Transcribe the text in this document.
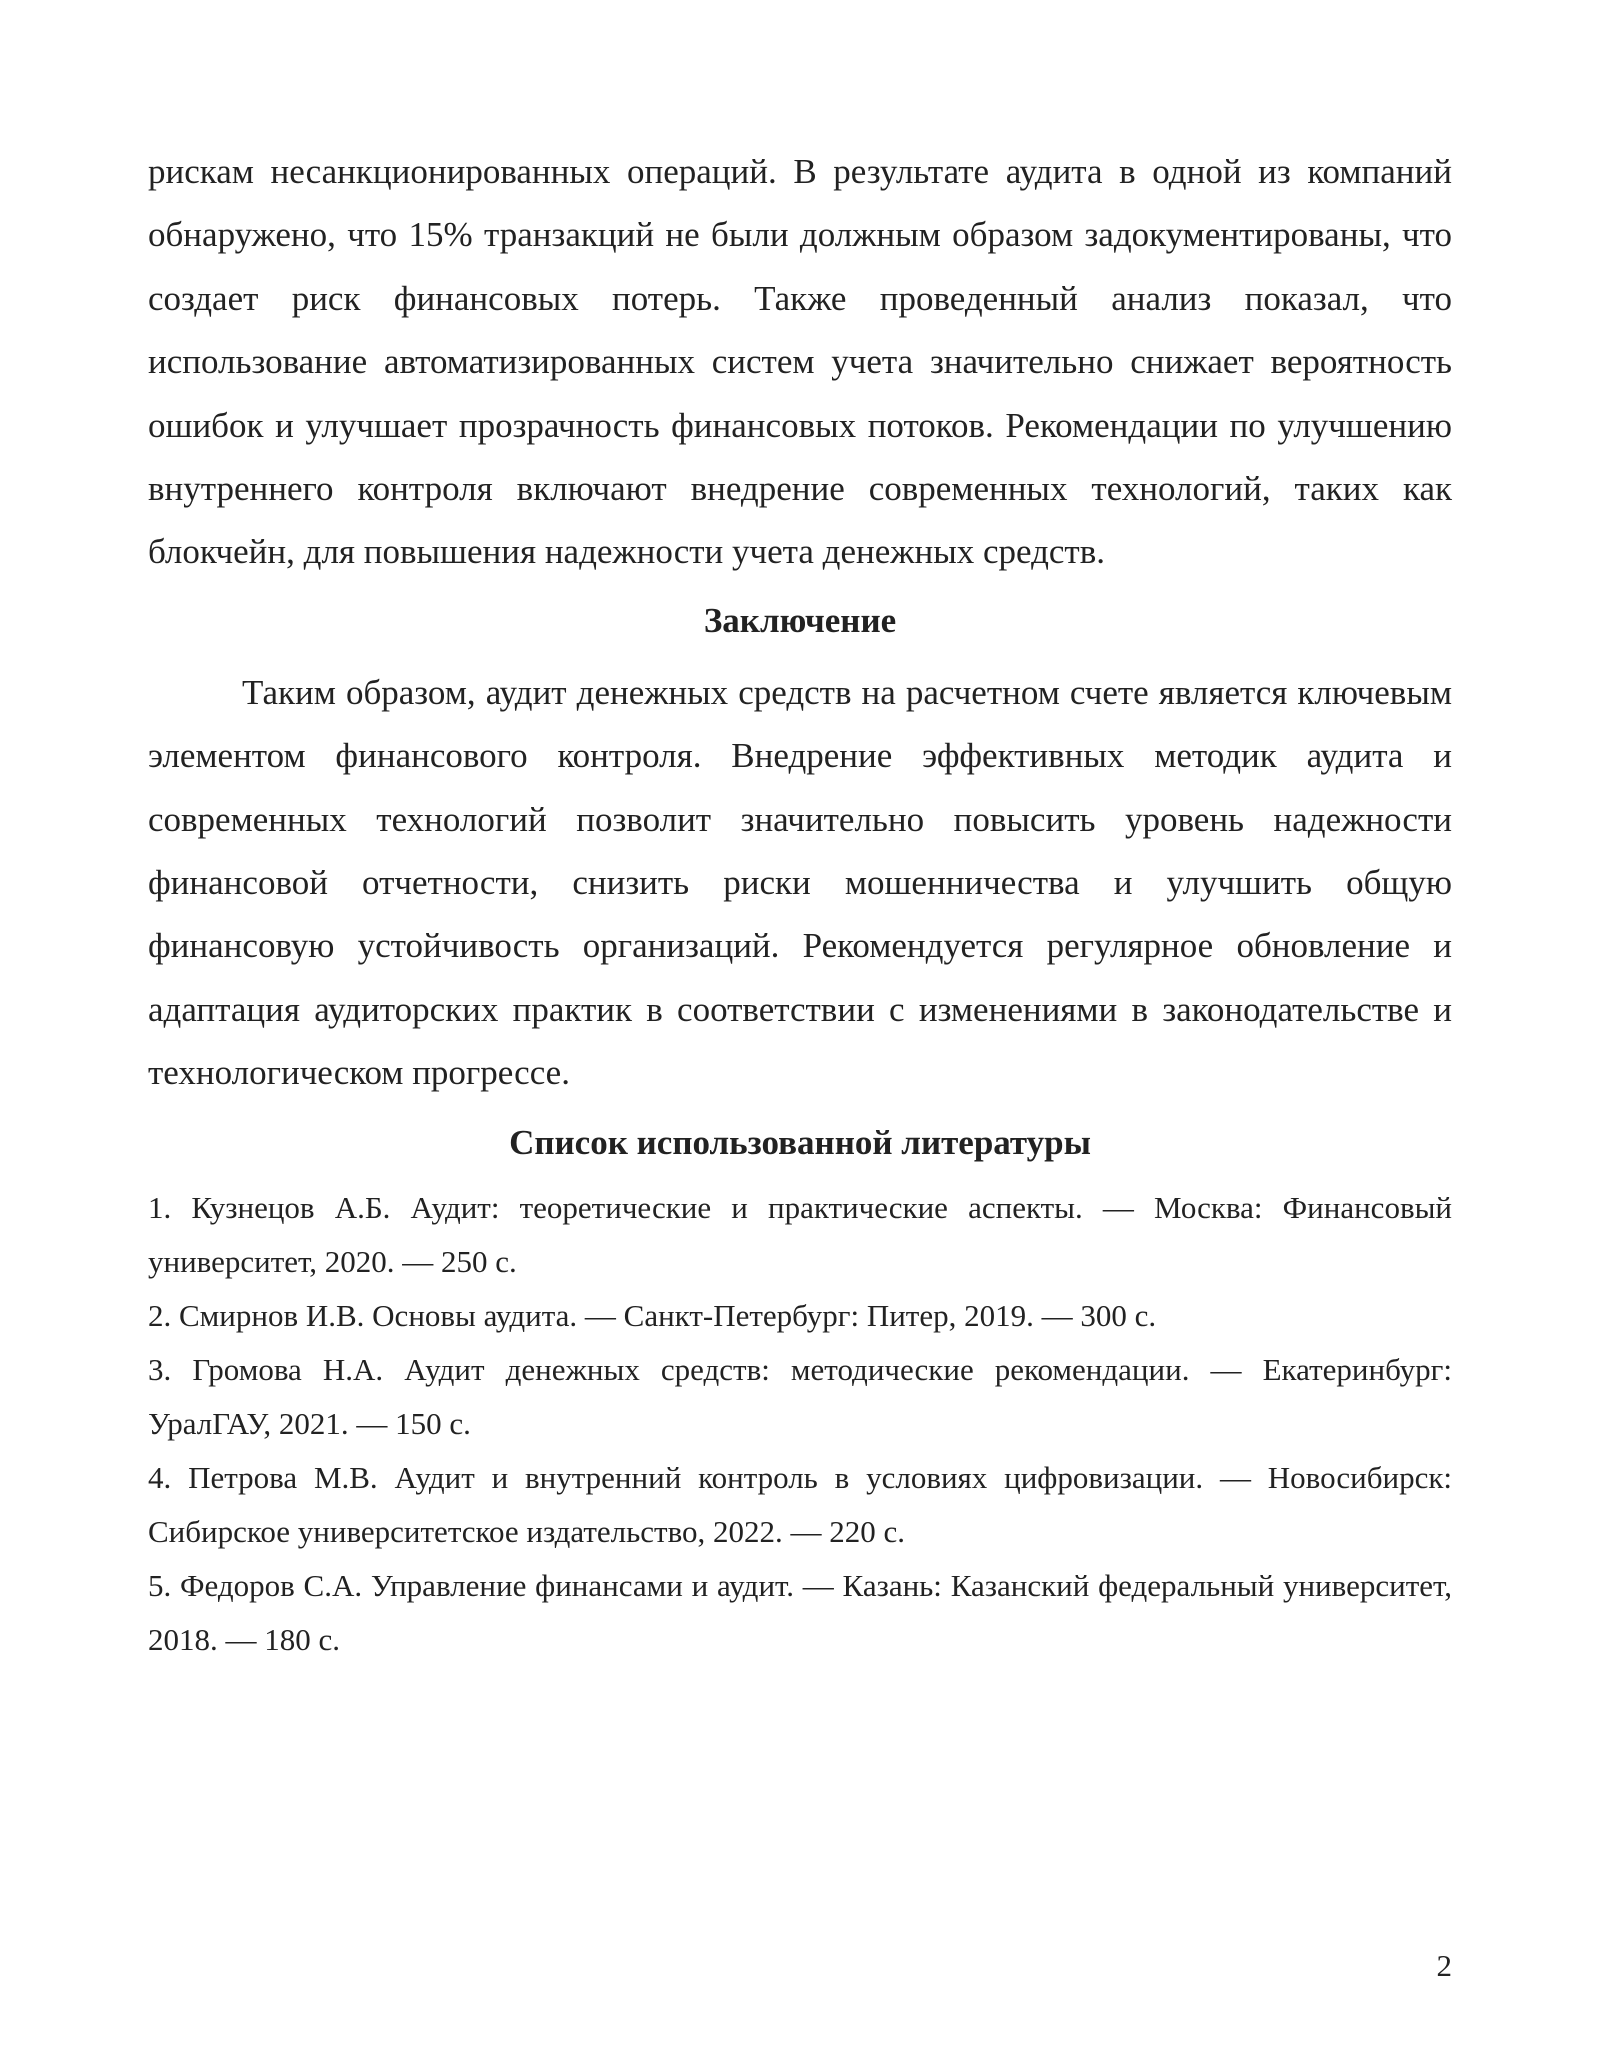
рискам несанкционированных операций. В результате аудита в одной из компаний обнаружено, что 15% транзакций не были должным образом задокументированы, что создает риск финансовых потерь. Также проведенный анализ показал, что использование автоматизированных систем учета значительно снижает вероятность ошибок и улучшает прозрачность финансовых потоков. Рекомендации по улучшению внутреннего контроля включают внедрение современных технологий, таких как блокчейн, для повышения надежности учета денежных средств.

Заключение

Таким образом, аудит денежных средств на расчетном счете является ключевым элементом финансового контроля. Внедрение эффективных методик аудита и современных технологий позволит значительно повысить уровень надежности финансовой отчетности, снизить риски мошенничества и улучшить общую финансовую устойчивость организаций. Рекомендуется регулярное обновление и адаптация аудиторских практик в соответствии с изменениями в законодательстве и технологическом прогрессе.

Список использованной литературы
1. Кузнецов А.Б. Аудит: теоретические и практические аспекты. — Москва: Финансовый университет, 2020. — 250 с.
2. Смирнов И.В. Основы аудита. — Санкт-Петербург: Питер, 2019. — 300 с.
3. Громова Н.А. Аудит денежных средств: методические рекомендации. — Екатеринбург: УралГАУ, 2021. — 150 с.
4. Петрова М.В. Аудит и внутренний контроль в условиях цифровизации. — Новосибирск: Сибирское университетское издательство, 2022. — 220 с.
5. Федоров С.А. Управление финансами и аудит. — Казань: Казанский федеральный университет, 2018. — 180 с.
2
